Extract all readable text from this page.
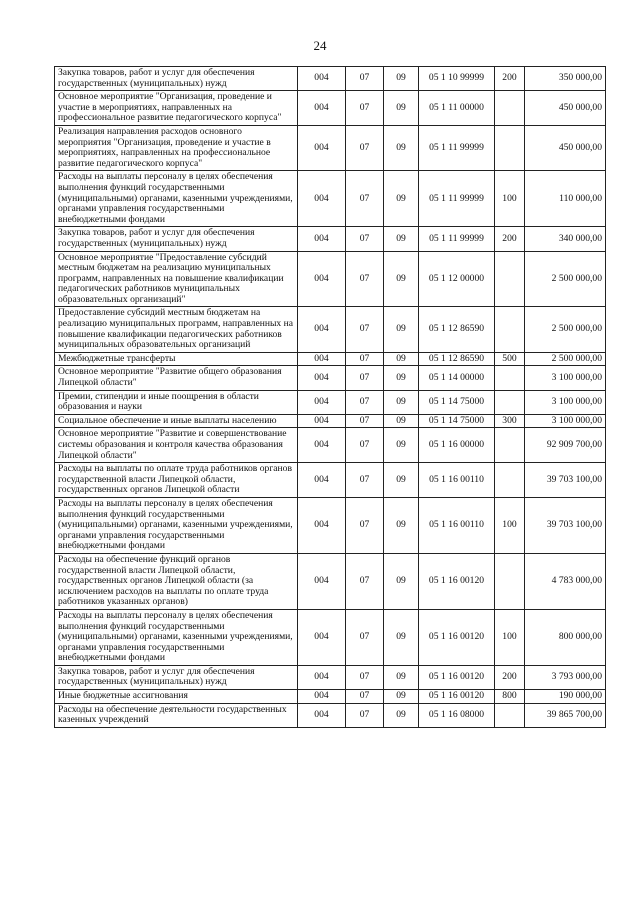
24
Закупка товаров, работ и услуг для обеспечения государственных (муниципальных) нужд	004	07	09	05 1 10 99999	200	350 000,00
Основное мероприятие "Организация, проведение и участие в мероприятиях, направленных на профессиональное развитие педагогического корпуса"	004	07	09	05 1 11 00000		450 000,00
Реализация направления расходов основного мероприятия "Организация, проведение и участие в мероприятиях, направленных на профессиональное развитие педагогического корпуса"	004	07	09	05 1 11 99999		450 000,00
Расходы на выплаты персоналу в целях обеспечения выполнения функций государственными (муниципальными) органами, казенными учреждениями, органами управления государственными внебюджетными фондами	004	07	09	05 1 11 99999	100	110 000,00
Закупка товаров, работ и услуг для обеспечения государственных (муниципальных) нужд	004	07	09	05 1 11 99999	200	340 000,00
Основное мероприятие "Предоставление субсидий местным бюджетам на реализацию муниципальных программ, направленных на повышение квалификации педагогических работников муниципальных образовательных организаций"	004	07	09	05 1 12 00000		2 500 000,00
Предоставление субсидий местным бюджетам на реализацию муниципальных программ, направленных на повышение квалификации педагогических работников муниципальных образовательных организаций	004	07	09	05 1 12 86590		2 500 000,00
Межбюджетные трансферты	004	07	09	05 1 12 86590	500	2 500 000,00
Основное мероприятие "Развитие общего образования Липецкой области"	004	07	09	05 1 14 00000		3 100 000,00
Премии, стипендии и иные поощрения в области образования и науки	004	07	09	05 1 14 75000		3 100 000,00
Социальное обеспечение и иные выплаты населению	004	07	09	05 1 14 75000	300	3 100 000,00
Основное мероприятие "Развитие и совершенствование системы образования и контроля качества образования Липецкой области"	004	07	09	05 1 16 00000		92 909 700,00
Расходы на выплаты по оплате труда работников органов государственной власти Липецкой области, государственных органов Липецкой области	004	07	09	05 1 16 00110		39 703 100,00
Расходы на выплаты персоналу в целях обеспечения выполнения функций государственными (муниципальными) органами, казенными учреждениями, органами управления государственными внебюджетными фондами	004	07	09	05 1 16 00110	100	39 703 100,00
Расходы на обеспечение функций органов государственной власти Липецкой области, государственных органов Липецкой области (за исключением расходов на выплаты по оплате труда работников указанных органов)	004	07	09	05 1 16 00120		4 783 000,00
Расходы на выплаты персоналу в целях обеспечения выполнения функций государственными (муниципальными) органами, казенными учреждениями, органами управления государственными внебюджетными фондами	004	07	09	05 1 16 00120	100	800 000,00
Закупка товаров, работ и услуг для обеспечения государственных (муниципальных) нужд	004	07	09	05 1 16 00120	200	3 793 000,00
Иные бюджетные ассигнования	004	07	09	05 1 16 00120	800	190 000,00
Расходы на обеспечение деятельности государственных казенных учреждений	004	07	09	05 1 16 08000		39 865 700,00
